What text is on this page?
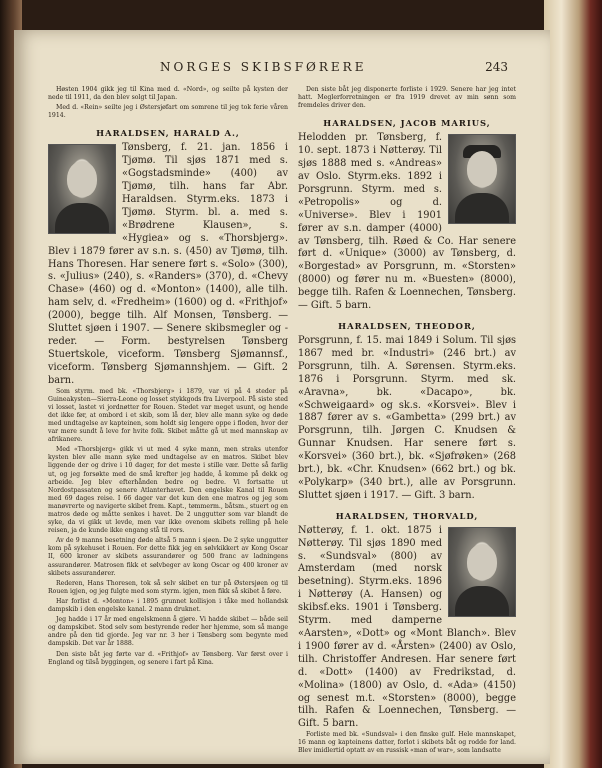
NORGES SKIBSFØRERE	243

Høsten 1904 gikk jeg til Kina med d. «Nord», og seilte på kysten der nede til 1911, da den blev solgt til Japan.

Med d. «Rein» seilte jeg i Østersjøfart om somrene til jeg tok ferie våren 1914.

HARALDSEN, HARALD A.,

Tønsberg, f. 21. jan. 1856 i Tjømø. Til sjøs 1871 med s. «Gogstadsminde» (400) av Tjømø, tilh. hans far Abr. Haraldsen. Styrm.eks. 1873 i Tjømø. Styrm. bl. a. med s. «Brødrene Klausen», s. «Hygiea» og s. «Thorsbjerg». Blev i 1879 fører av s.n. s. (450) av Tjømø, tilh. Hans Thoresen. Har senere ført s. «Solo» (300), s. «Julius» (240), s. «Randers» (370), d. «Chevy Chase» (460) og d. «Monton» (1400), alle tilh. ham selv, d. «Fredheim» (1600) og d. «Frithjof» (2000), begge tilh. Alf Monsen, Tønsberg. — Sluttet sjøen i 1907. — Senere skibsmegler og -reder. — Form. bestyrelsen Tønsberg Stuertskole, viceform. Tønsberg Sjømannsf., viceform. Tønsberg Sjømannshjem. — Gift. 2 barn.

Som styrm. med bk. «Thorsbjerg» i 1879, var vi på 4 steder på Guineakysten—Sierra-Leone og losset stykkgods fra Liverpool. På siste sted vi losset, lastet vi jordnøtter for Rouen. Stedet var meget usunt, og hende det ikke før, at ombord i et skib, som lå der, blev alle mann syke og døde med undtagelse av kapteinen, som holdt sig lengere oppe i floden, hvor der var mere sundt å leve for hvite folk. Skibet måtte gå ut med mannskap av afrikanere.

Med «Thorsbjerg» gikk vi ut med 4 syke mann, men straks utenfor kysten blev alle mann syke med undtagelse av en matros. Skibet blev liggende der og drive i 10 dager, for det meste i stille vær. Dette så farlig ut, og jeg forsøkte med de små krefter jeg hadde, å komme på dekk og arbeide. Jeg blev efterhånden bedre og bedre. Vi fortsatte ut Nordostpassaten og senere Atlanterhavet. Den engelske Kanal til Rouen med 69 dages reise. I 66 dager var det kun den ene matros og jeg som manøvrerte og navigerte skibet frem. Kapt., tømmerm., båtsm., stuert og en matros døde og måtte senkes i havet. De 2 unggutter som var blandt de syke, da vi gikk ut levde, men var ikke ovenom skibets relling på hele reisen, ja de kunde ikke engang stå til rors.

Av de 9 manns besetning døde altså 5 mann i sjøen. De 2 syke unggutter kom på sykehuset i Rouen. For dette fikk jeg en sølvkikkert av Kong Oscar II, 600 kroner av skibets assurandører og 500 franc av ladningens assurandører. Matrosen fikk et sølvbeger av kong Oscar og 400 kroner av skibets assurandører.

Rederen, Hans Thoresen, tok så selv skibet en tur på Østersjøen og til Rouen igjen, og jeg fulgte med som styrm. igjen, men fikk så skibet å føre.

Har forlist d. «Monton» i 1895 grunnet kollisjon i tåke med hollandsk dampskib i den engelske kanal. 2 mann druknet.

Jeg hadde i 17 år med engelskmenn å gjøre. Vi hadde skibet — både seil og dampskibet. Stod selv som bestyrende reder her hjemme, som så mange andre på den tid gjorde. Jeg var nr. 3 her i Tønsberg som begynte med dampskib. Det var år 1888.

Den siste båt jeg førte var d. «Frithjof» av Tønsberg. Var først over i England og tilså byggingen, og senere i fart på Kina.

Den siste båt jeg disponerte forliste i 1929. Senere har jeg intet hatt. Meglerforretningen er fra 1919 drevet av min sønn som fremdeles driver den.

HARALDSEN, JACOB MARIUS,

Helodden pr. Tønsberg, f. 10. sept. 1873 i Nøtterøy. Til sjøs 1888 med s. «Andreas» av Oslo. Styrm.eks. 1892 i Porsgrunn. Styrm. med s. «Petropolis» og d. «Universe». Blev i 1901 fører av s.n. damper (4000) av Tønsberg, tilh. Røed & Co. Har senere ført d. «Unique» (3000) av Tønsberg, d. «Borgestad» av Porsgrunn, m. «Storsten» (8000) og fører nu m. «Buesten» (8000), begge tilh. Rafen & Loennechen, Tønsberg. — Gift. 5 barn.

HARALDSEN, THEODOR,

Porsgrunn, f. 15. mai 1849 i Solum. Til sjøs 1867 med br. «Industri» (246 brt.) av Porsgrunn, tilh. A. Sørensen. Styrm.eks. 1876 i Porsgrunn. Styrm. med sk. «Aravna», bk. «Dacapo», bk. «Schweigaard» og sk.s. «Korsvei». Blev i 1887 fører av s. «Gambetta» (299 brt.) av Porsgrunn, tilh. Jørgen C. Knudsen & Gunnar Knudsen. Har senere ført s. «Korsvei» (360 brt.), bk. «Sjøfrøken» (268 brt.), bk. «Chr. Knudsen» (662 brt.) og bk. «Polykarp» (340 brt.), alle av Porsgrunn. Sluttet sjøen i 1917. — Gift. 3 barn.

HARALDSEN, THORVALD,

Nøtterøy, f. 1. okt. 1875 i Nøtterøy. Til sjøs 1890 med s. «Sundsval» (800) av Amsterdam (med norsk besetning). Styrm.eks. 1896 i Nøtterøy (A. Hansen) og skibsf.eks. 1901 i Tønsberg. Styrm. med damperne «Aarsten», «Dott» og «Mont Blanch». Blev i 1900 fører av d. «Årsten» (2400) av Oslo, tilh. Christoffer Andresen. Har senere ført d. «Dott» (1400) av Fredrikstad, d. «Molina» (1800) av Oslo, d. «Ada» (4150) og senest m.t. «Storsten» (8000), begge tilh. Rafen & Loennechen, Tønsberg. — Gift. 5 barn.

Forliste med bk. «Sundsval» i den finske gulf. Hele mannskapet, 16 mann og kapteinens datter, forlot i skibets båt og rodde for land. Blev imidlertid optatt av en russisk «man of war», som landsatte
